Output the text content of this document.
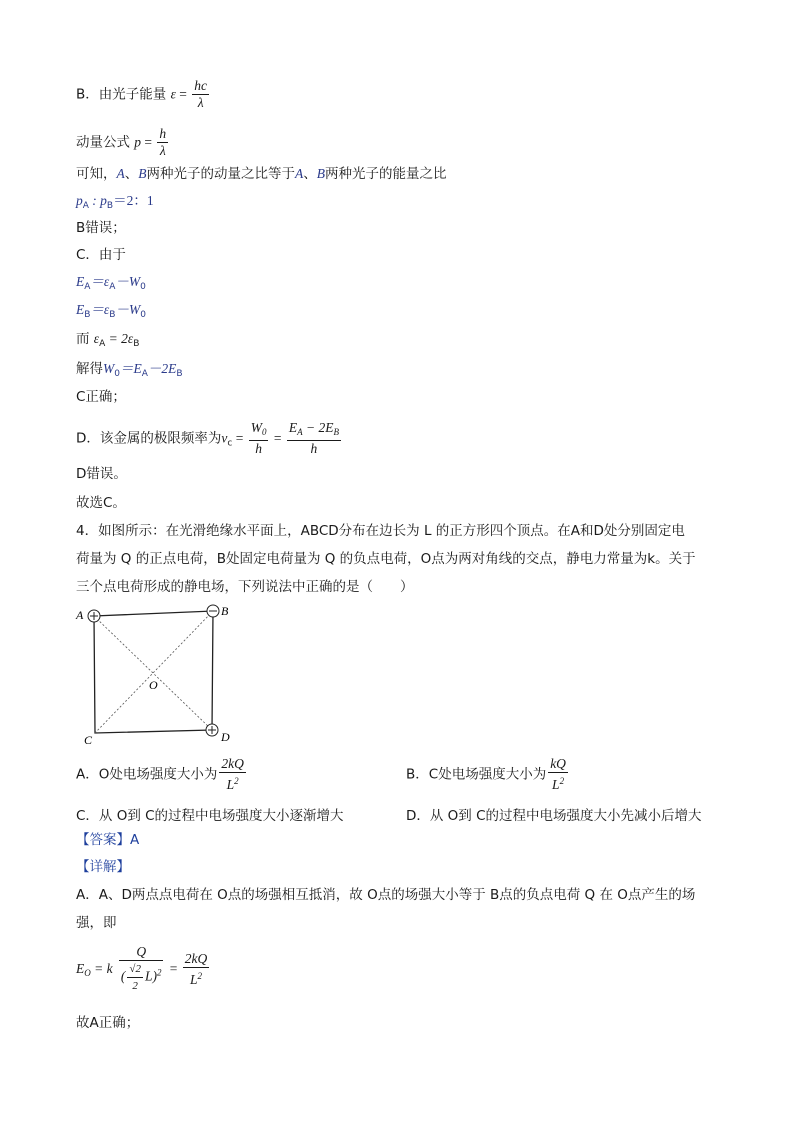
B．由光子能量 $\varepsilon = \frac{hc}{\lambda}$
动量公式 $p = \frac{h}{\lambda}$
可知，A、B两种光子的动量之比等于A、B两种光子的能量之比
$p_A$ : $p_B=2$：1
B错误；
C．由于
$E_A=\varepsilon_A-W_0$
$E_B=\varepsilon_B-W_0$
而 $\varepsilon_A = 2\varepsilon_B$
解得$W_0=E_A-2E_B$
C正确；
D．该金属的极限频率为$\nu_c = \frac{W_0}{h} = \frac{E_A - 2E_B}{h}$
D错误。
故选C。
4．如图所示：在光滑绝缘水平面上，ABCD分布在边长为 L 的正方形四个顶点。在A和D处分别固定电
荷量为 Q 的正点电荷，B处固定电荷量为 Q 的负点电荷，O点为两对角线的交点，静电力常量为k。关于
三个点电荷形成的静电场，下列说法中正确的是（　　）
A	B
C	D
O
A．O处电场强度大小为 $\frac{2kQ}{L^2}$	B．C处电场强度大小为 $\frac{kQ}{L^2}$
C．从 O到 C的过程中电场强度大小逐渐增大	D．从 O到 C的过程中电场强度大小先减小后增大
【答案】A
【详解】
A．A、D两点点电荷在 O点的场强相互抵消，故 O点的场强大小等于 B点的负点电荷 Q 在 O点产生的场
强，即
$E_O = k \frac{Q}{( \frac{√2}{2} L)^2} = \frac{2kQ}{L^2}$
故A正确；
